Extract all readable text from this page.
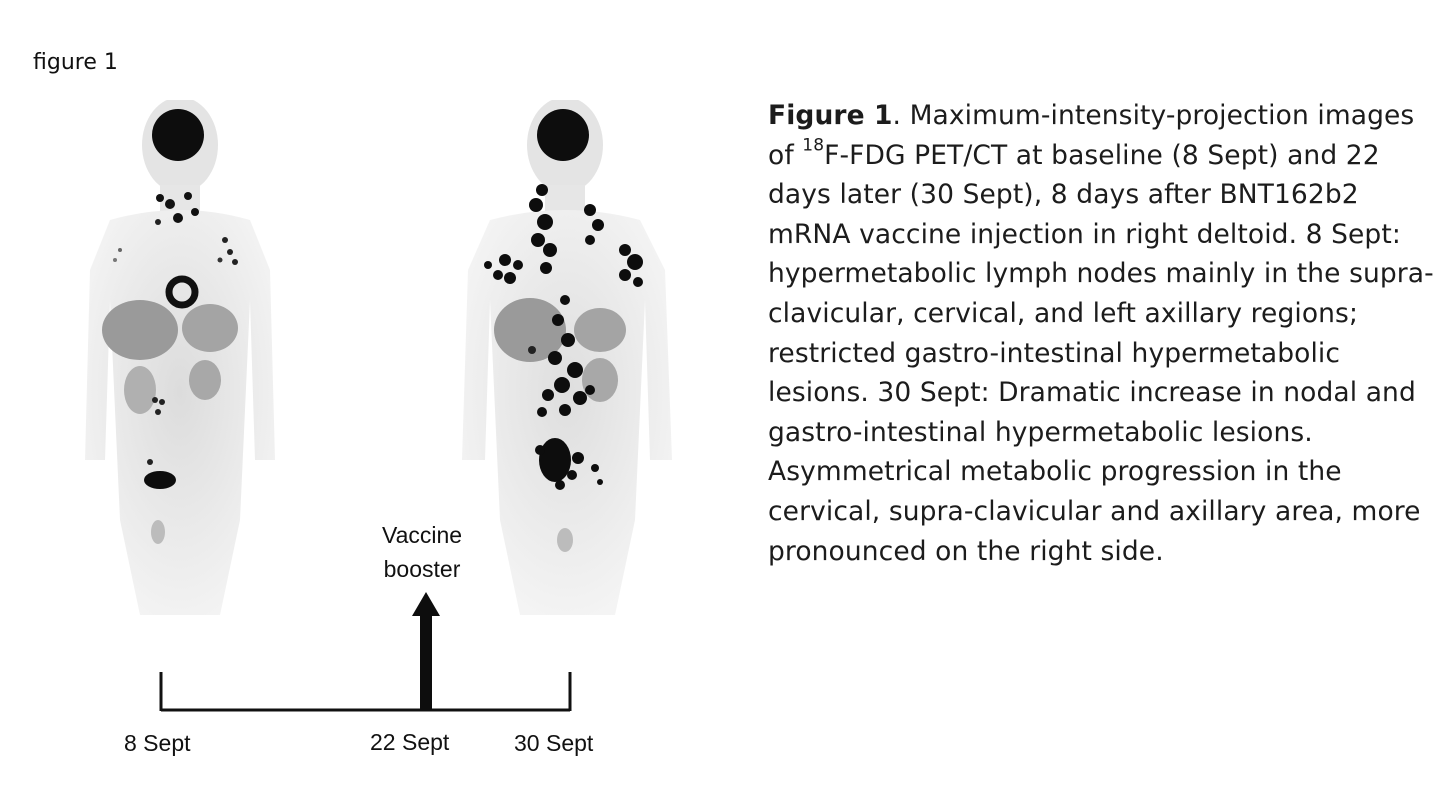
figure 1
Vaccine
booster
8 Sept	22 Sept	30 Sept
Figure 1. Maximum-intensity-projection images of $^{18}$F-FDG PET/CT at baseline (8 Sept) and 22 days later (30 Sept), 8 days after BNT162b2 mRNA vaccine injection in right deltoid. 8 Sept: hypermetabolic lymph nodes mainly in the supra-clavicular, cervical, and left axillary regions; restricted gastro-intestinal hypermetabolic lesions. 30 Sept: Dramatic increase in nodal and gastro-intestinal hypermetabolic lesions. Asymmetrical metabolic progression in the cervical, supra-clavicular and axillary area, more pronounced on the right side.
